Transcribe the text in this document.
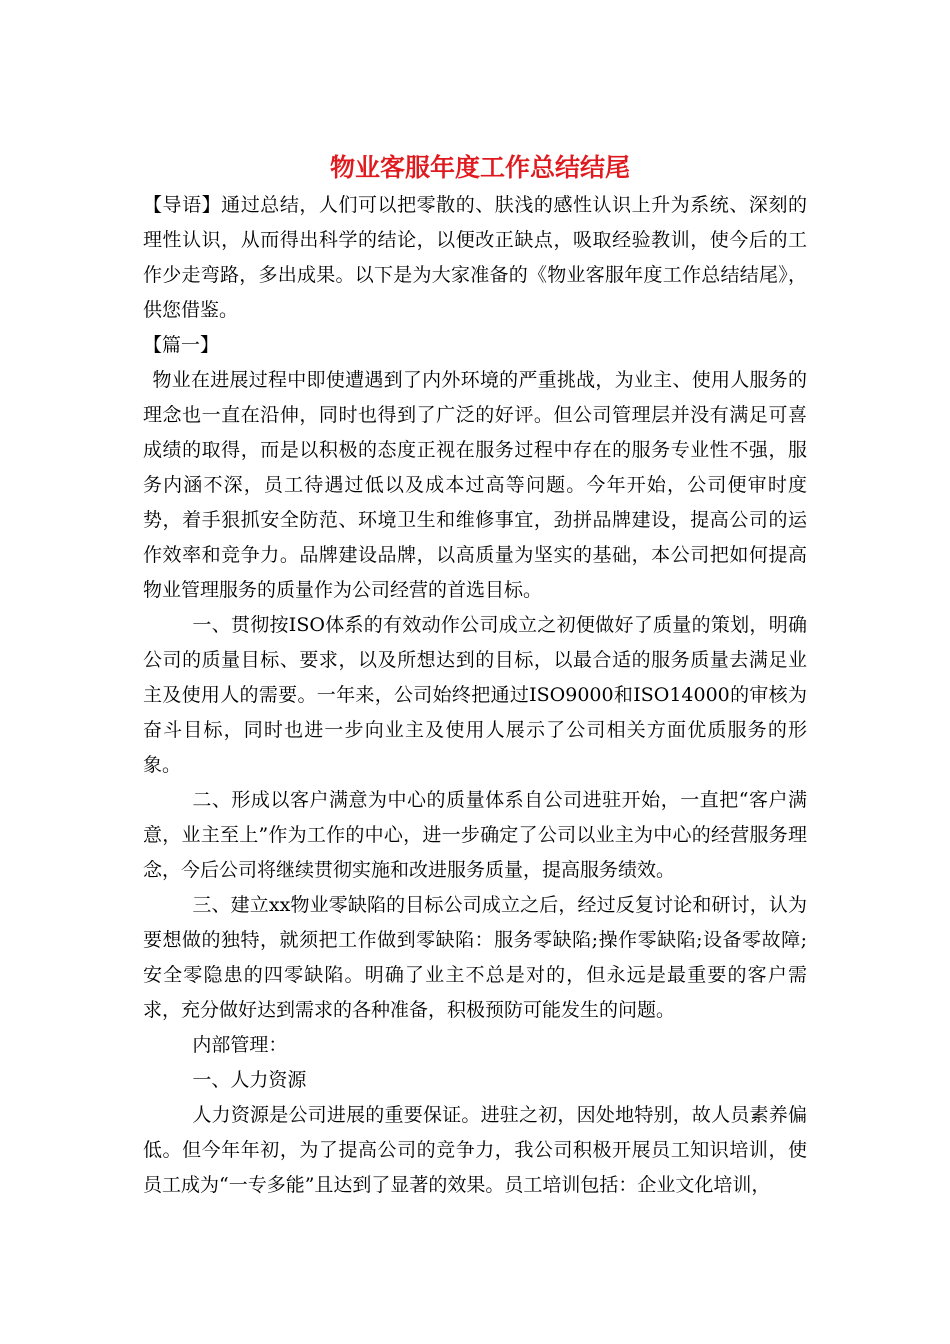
物业客服年度工作总结结尾

【导语】通过总结，人们可以把零散的、肤浅的感性认识上升为系统、深刻的理性认识，从而得出科学的结论，以便改正缺点，吸取经验教训，使今后的工作少走弯路，多出成果。以下是为大家准备的《物业客服年度工作总结结尾》，供您借鉴。

【篇一】

物业在进展过程中即使遭遇到了内外环境的严重挑战，为业主、使用人服务的理念也一直在沿伸，同时也得到了广泛的好评。但公司管理层并没有满足可喜成绩的取得，而是以积极的态度正视在服务过程中存在的服务专业性不强，服务内涵不深，员工待遇过低以及成本过高等问题。今年开始，公司便审时度势，着手狠抓安全防范、环境卫生和维修事宜，劲拼品牌建设，提高公司的运作效率和竞争力。品牌建设品牌，以高质量为坚实的基础，本公司把如何提高物业管理服务的质量作为公司经营的首选目标。

一、贯彻按ISO体系的有效动作公司成立之初便做好了质量的策划，明确公司的质量目标、要求，以及所想达到的目标，以最合适的服务质量去满足业主及使用人的需要。一年来，公司始终把通过ISO9000和ISO14000的审核为奋斗目标，同时也进一步向业主及使用人展示了公司相关方面优质服务的形象。

二、形成以客户满意为中心的质量体系自公司进驻开始，一直把“客户满意，业主至上”作为工作的中心，进一步确定了公司以业主为中心的经营服务理念，今后公司将继续贯彻实施和改进服务质量，提高服务绩效。

三、建立xx物业零缺陷的目标公司成立之后，经过反复讨论和研讨，认为要想做的独特，就须把工作做到零缺陷：服务零缺陷;操作零缺陷;设备零故障;安全零隐患的四零缺陷。明确了业主不总是对的，但永远是最重要的客户需求，充分做好达到需求的各种准备，积极预防可能发生的问题。

内部管理：

一、人力资源

人力资源是公司进展的重要保证。进驻之初，因处地特别，故人员素养偏低。但今年年初，为了提高公司的竞争力，我公司积极开展员工知识培训，使员工成为“一专多能”且达到了显著的效果。员工培训包括：企业文化培训，
